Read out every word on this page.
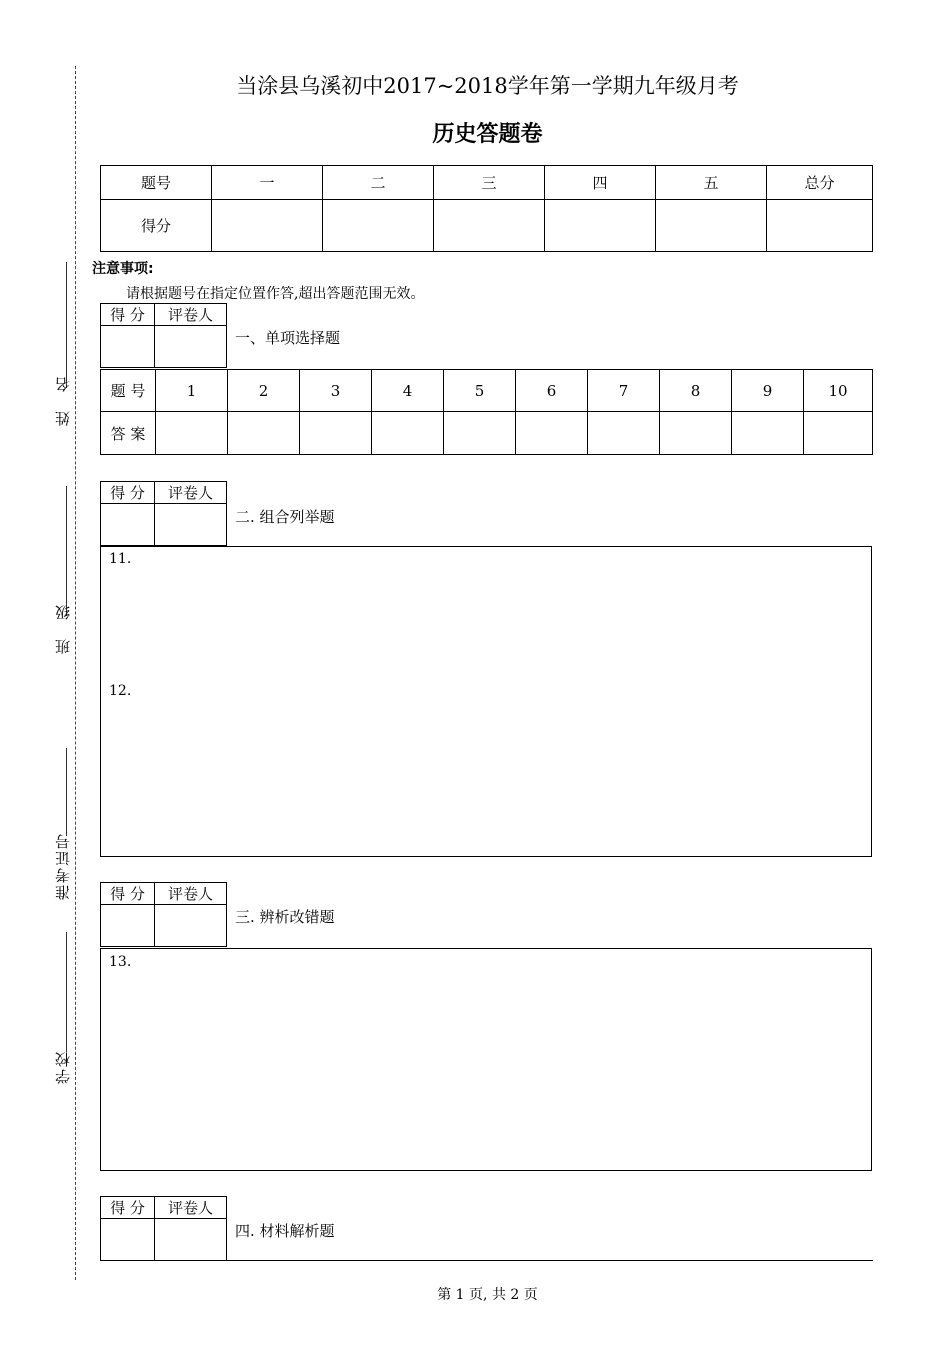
姓　名
班　级
准考证号
学校
当涂县乌溪初中2017~2018学年第一学期九年级月考
历史答题卷
题号	一	二	三	四	五	总分
得分						
注意事项:
请根据题号在指定位置作答,超出答题范围无效。
得 分	评卷人

一、单项选择题
题 号	1	2	3	4	5	6	7	8	9	10
答 案										
得 分	评卷人

二. 组合列举题
11.
12.
得 分	评卷人

三. 辨析改错题
13.
得 分	评卷人

四. 材料解析题
第 1 页, 共 2 页
